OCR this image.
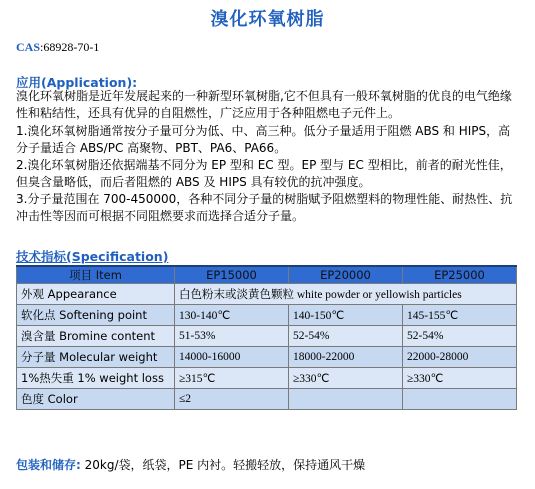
溴化环氧树脂
CAS:68928-70-1
应用(Application):
溴化环氧树脂是近年发展起来的一种新型环氧树脂,它不但具有一般环氧树脂的优良的电气绝缘性和粘结性，还具有优异的自阻燃性，广泛应用于各种阻燃电子元件上。
1.溴化环氧树脂通常按分子量可分为低、中、高三种。低分子量适用于阻燃 ABS 和 HIPS，高分子量适合 ABS/PC 高聚物、PBT、PA6、PA66。
2.溴化环氧树脂还依据端基不同分为 EP 型和 EC 型。EP 型与 EC 型相比，前者的耐光性佳，但臭含量略低，而后者阻燃的 ABS 及 HIPS 具有较优的抗冲强度。
3.分子量范围在 700-450000，各种不同分子量的树脂赋予阻燃塑料的物理性能、耐热性、抗冲击性等因而可根据不同阻燃要求而选择合适分子量。
技术指标(Specification)
项目 Item	EP15000	EP20000	EP25000
外观 Appearance	白色粉末或淡黄色颗粒 white powder or yellowish particles		
软化点 Softening point	130-140℃	140-150℃	145-155℃
溴含量 Bromine content	51-53%	52-54%	52-54%
分子量 Molecular weight	14000-16000	18000-22000	22000-28000
1%热失重 1% weight loss	≥315℃	≥330℃	≥330℃
色度 Color	≤2		
包装和储存: 20kg/袋，纸袋，PE 内衬。轻搬轻放，保持通风干燥
